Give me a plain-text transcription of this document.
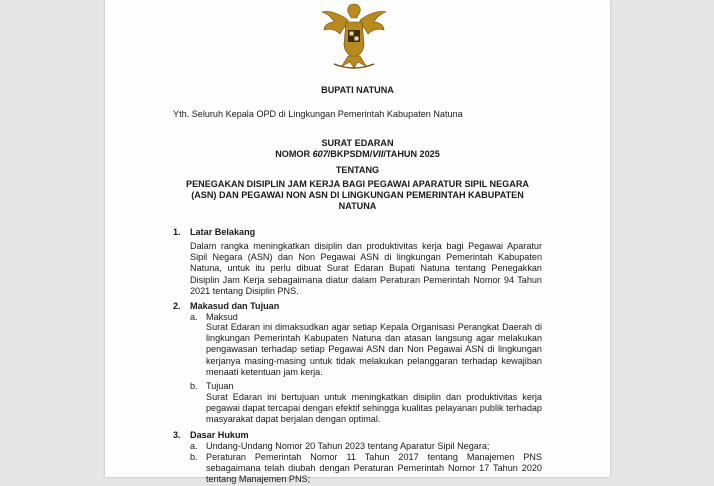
BUPATI NATUNA
Yth. Seluruh Kepala OPD di Lingkungan Pemerintah Kabupaten Natuna
SURAT EDARAN
NOMOR 607/BKPSDM/VII/TAHUN 2025
TENTANG
PENEGAKAN DISIPLIN JAM KERJA BAGI PEGAWAI APARATUR SIPIL NEGARA
(ASN) DAN PEGAWAI NON ASN DI LINGKUNGAN PEMERINTAH KABUPATEN
NATUNA
1. Latar Belakang
Dalam rangka meningkatkan disiplin dan produktivitas kerja bagi Pegawai Aparatur Sipil Negara (ASN) dan Non Pegawai ASN di lingkungan Pemerintah Kabupaten Natuna, untuk itu perlu dibuat Surat Edaran Bupati Natuna tentang Penegakkan Disiplin Jam Kerja sebagaimana diatur dalam Peraturan Pemerintah Nomor 94 Tahun 2021 tentang Disiplin PNS.
2. Makasud dan Tujuan
a. Maksud
Surat Edaran ini dimaksudkan agar setiap Kepala Organisasi Perangkat Daerah di lingkungan Pemerintah Kabupaten Natuna dan atasan langsung agar melakukan pengawasan terhadap setiap Pegawai ASN dan Non Pegawai ASN di lingkungan kerjanya masing-masing untuk tidak melakukan pelanggaran terhadap kewajiban menaati ketentuan jam kerja.
b. Tujuan
Surat Edaran ini bertujuan untuk meningkatkan disiplin dan produktivitas kerja pegawai dapat tercapai dengan efektif sehingga kualitas pelayanan publik terhadap masyarakat dapat berjalan dengan optimal.
3. Dasar Hukum
a. Undang-Undang Nomor 20 Tahun 2023 tentang Aparatur Sipil Negara;
b. Peraturan Pemerintah Nomor 11 Tahun 2017 tentang Manajemen PNS sebagaimana telah diubah dengan Peraturan Pemerintah Nomor 17 Tahun 2020 tentang Manajemen PNS;
